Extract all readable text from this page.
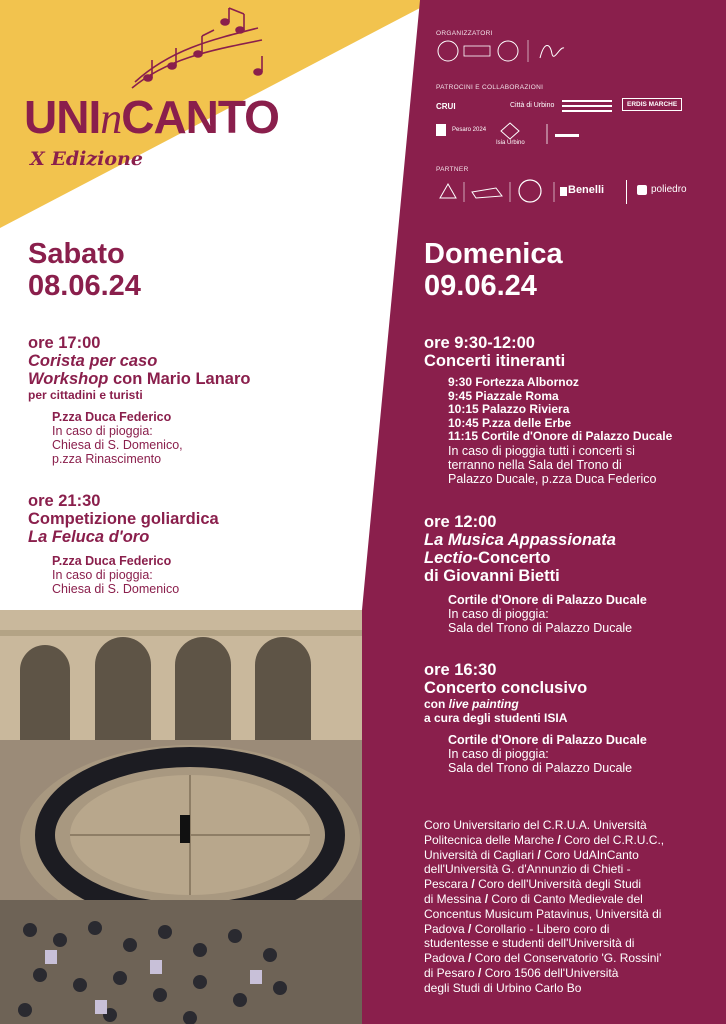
UNInCANTO
X Edizione
ORGANIZZATORI
PATROCINI E COLLABORAZIONI
CRUI	Città di Urbino	ERDIS MARCHE
Pesaro 2024
Isia Urbino
PARTNER
Benelli	poliedro
Sabato
08.06.24
ore 17:00
Corista per caso
Workshop con Mario Lanaro
per cittadini e turisti
P.zza Duca Federico
In caso di pioggia:
Chiesa di S. Domenico,
p.zza Rinascimento
ore 21:30
Competizione goliardica
La Feluca d'oro
P.zza Duca Federico
In caso di pioggia:
Chiesa di S. Domenico
Domenica
09.06.24
ore 9:30-12:00
Concerti itineranti
9:30 Fortezza Albornoz
9:45 Piazzale Roma
10:15 Palazzo Riviera
10:45 P.zza delle Erbe
11:15 Cortile d'Onore di Palazzo Ducale
In caso di pioggia tutti i concerti si
terranno nella Sala del Trono di
Palazzo Ducale, p.zza Duca Federico
ore 12:00
La Musica Appassionata
Lectio-Concerto
di Giovanni Bietti
Cortile d'Onore di Palazzo Ducale
In caso di pioggia:
Sala del Trono di Palazzo Ducale
ore 16:30
Concerto conclusivo
con live painting
a cura degli studenti ISIA
Cortile d'Onore di Palazzo Ducale
In caso di pioggia:
Sala del Trono di Palazzo Ducale
Coro Universitario del C.R.U.A. Università
Politecnica delle Marche / Coro del C.R.U.C.,
Università di Cagliari / Coro UdAInCanto
dell'Università G. d'Annunzio di Chieti -
Pescara / Coro dell'Università degli Studi
di Messina / Coro di Canto Medievale del
Concentus Musicum Patavinus, Università di
Padova / Corollario - Libero coro di
studentesse e studenti dell'Università di
Padova / Coro del Conservatorio 'G. Rossini'
di Pesaro / Coro 1506 dell'Università
degli Studi di Urbino Carlo Bo
